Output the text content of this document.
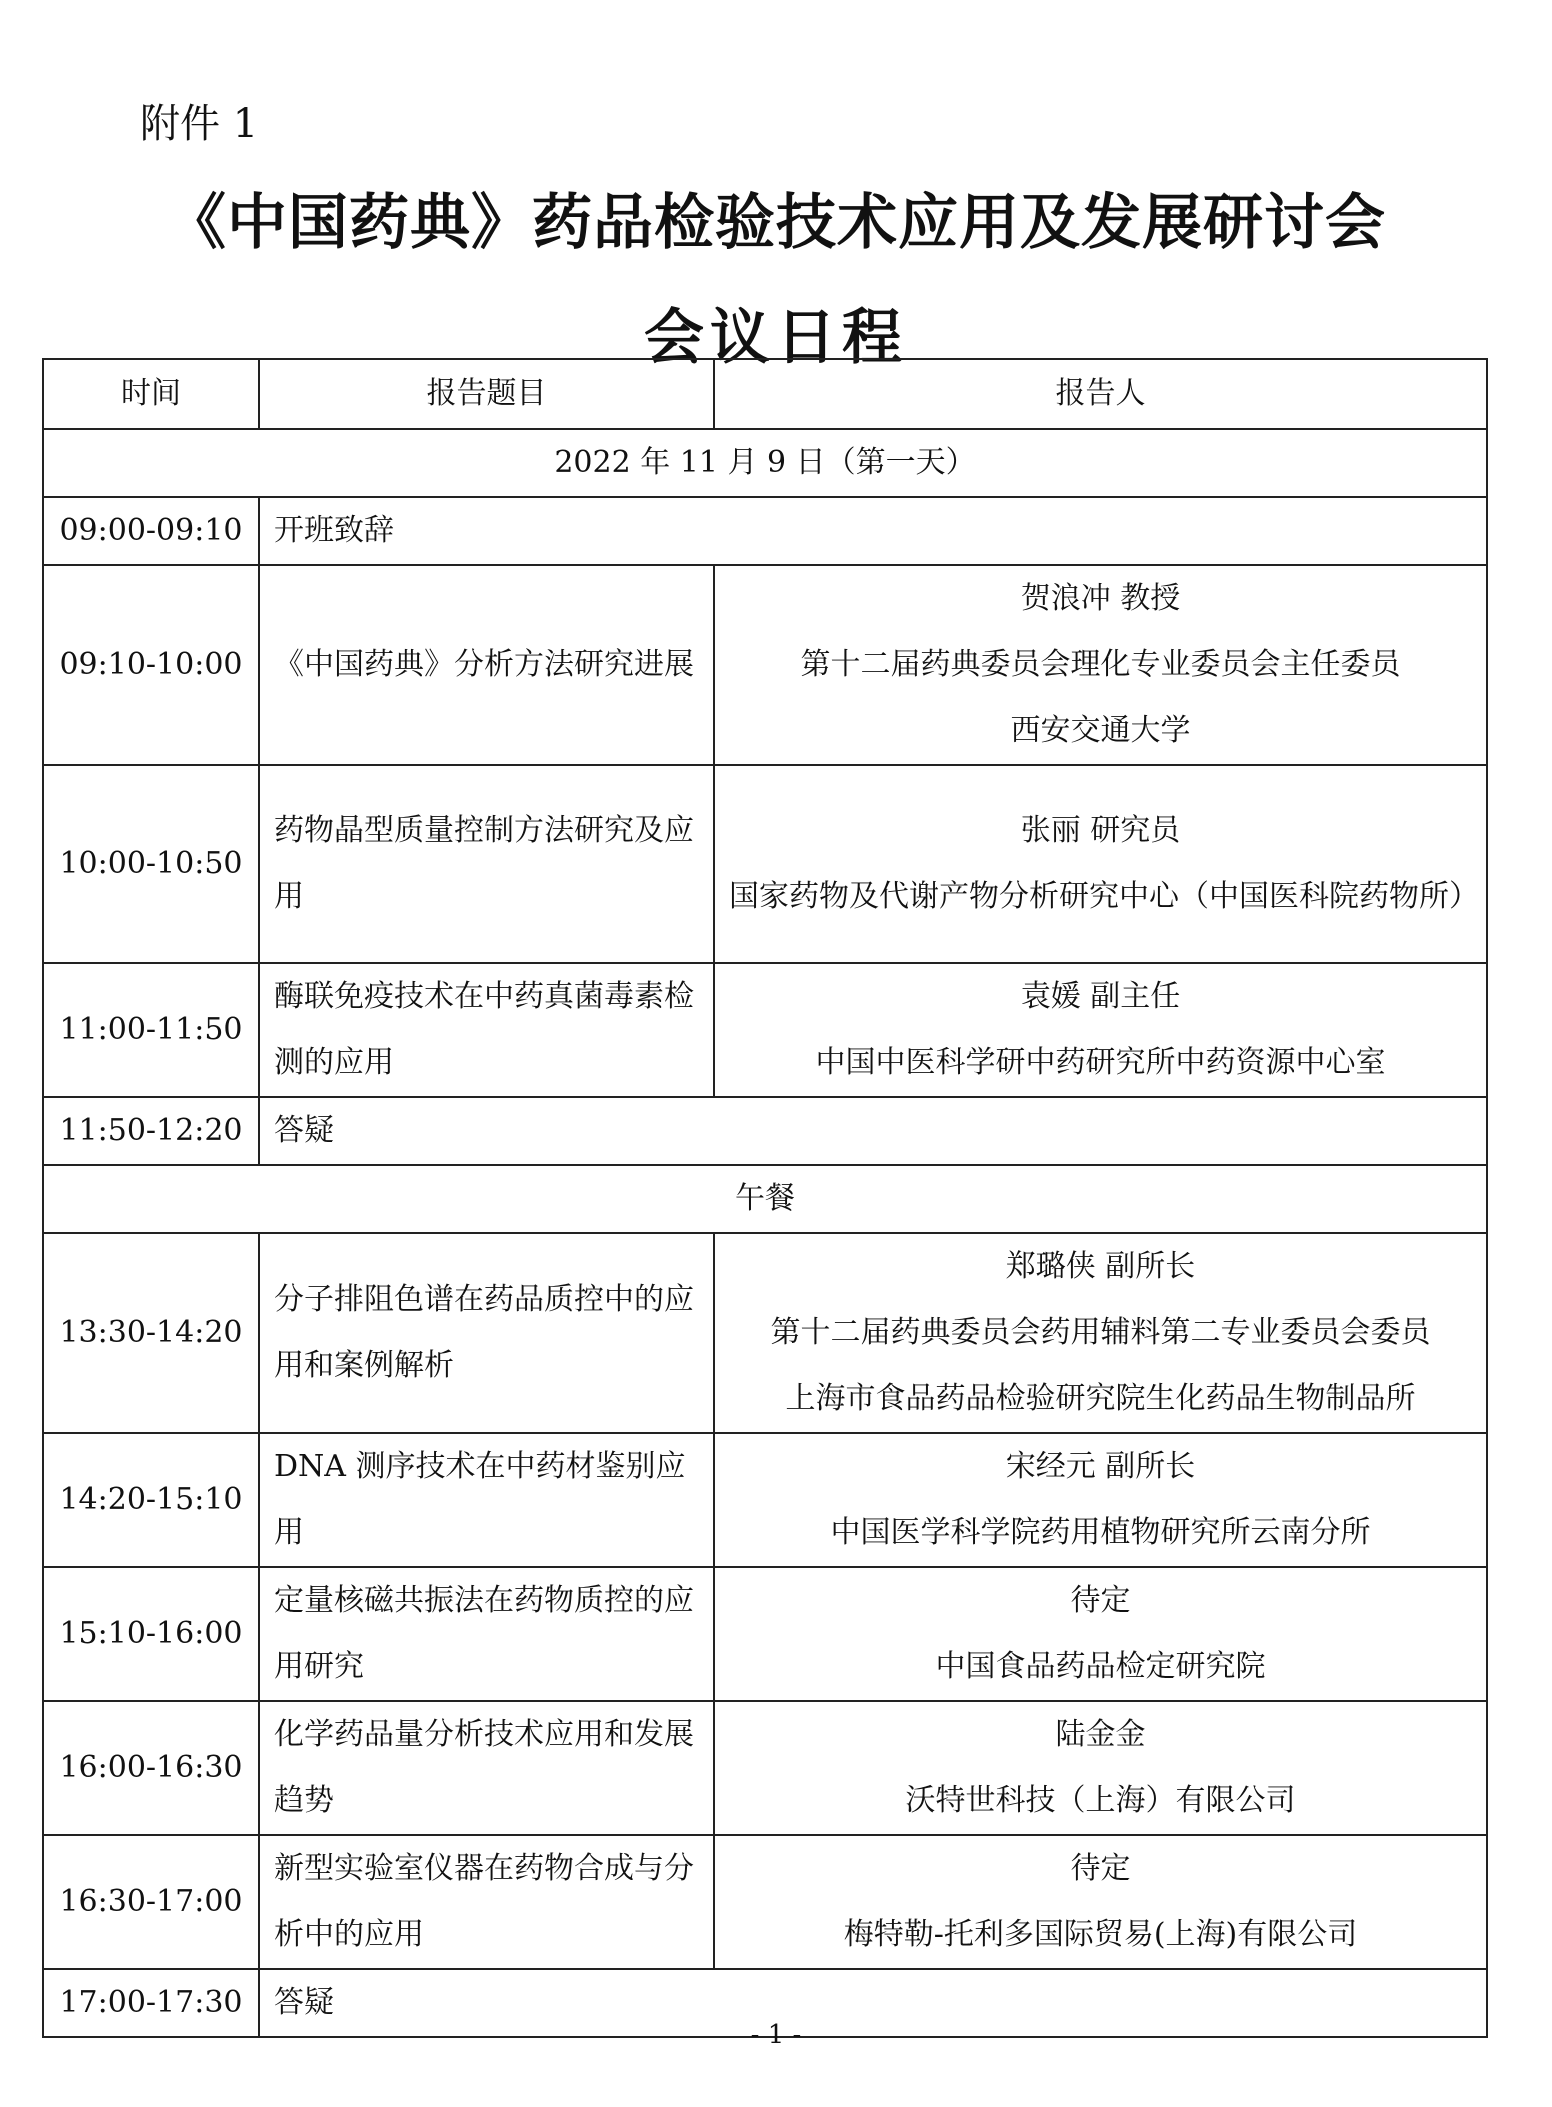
附件 1
《中国药典》药品检验技术应用及发展研讨会
会议日程
时间	报告题目	报告人
2022 年 11 月 9 日（第一天）		
09:00-09:10	开班致辞	
09:10-10:00	《中国药典》分析方法研究进展	贺浪冲 教授
第十二届药典委员会理化专业委员会主任委员
西安交通大学

10:00-10:50	药物晶型质量控制方法研究及应用	张丽 研究员
国家药物及代谢产物分析研究中心（中国医科院药物所）

11:00-11:50	酶联免疫技术在中药真菌毒素检测的应用	袁媛 副主任
中国中医科学研中药研究所中药资源中心室

11:50-12:20	答疑	
午餐		
13:30-14:20	分子排阻色谱在药品质控中的应用和案例解析	郑璐侠 副所长
第十二届药典委员会药用辅料第二专业委员会委员
上海市食品药品检验研究院生化药品生物制品所

14:20-15:10	DNA 测序技术在中药材鉴别应用	宋经元 副所长
中国医学科学院药用植物研究所云南分所

15:10-16:00	定量核磁共振法在药物质控的应用研究	待定
中国食品药品检定研究院

16:00-16:30	化学药品量分析技术应用和发展趋势	陆金金
沃特世科技（上海）有限公司

16:30-17:00	新型实验室仪器在药物合成与分析中的应用	待定
梅特勒-托利多国际贸易(上海)有限公司

17:00-17:30	答疑	
- 1 -
